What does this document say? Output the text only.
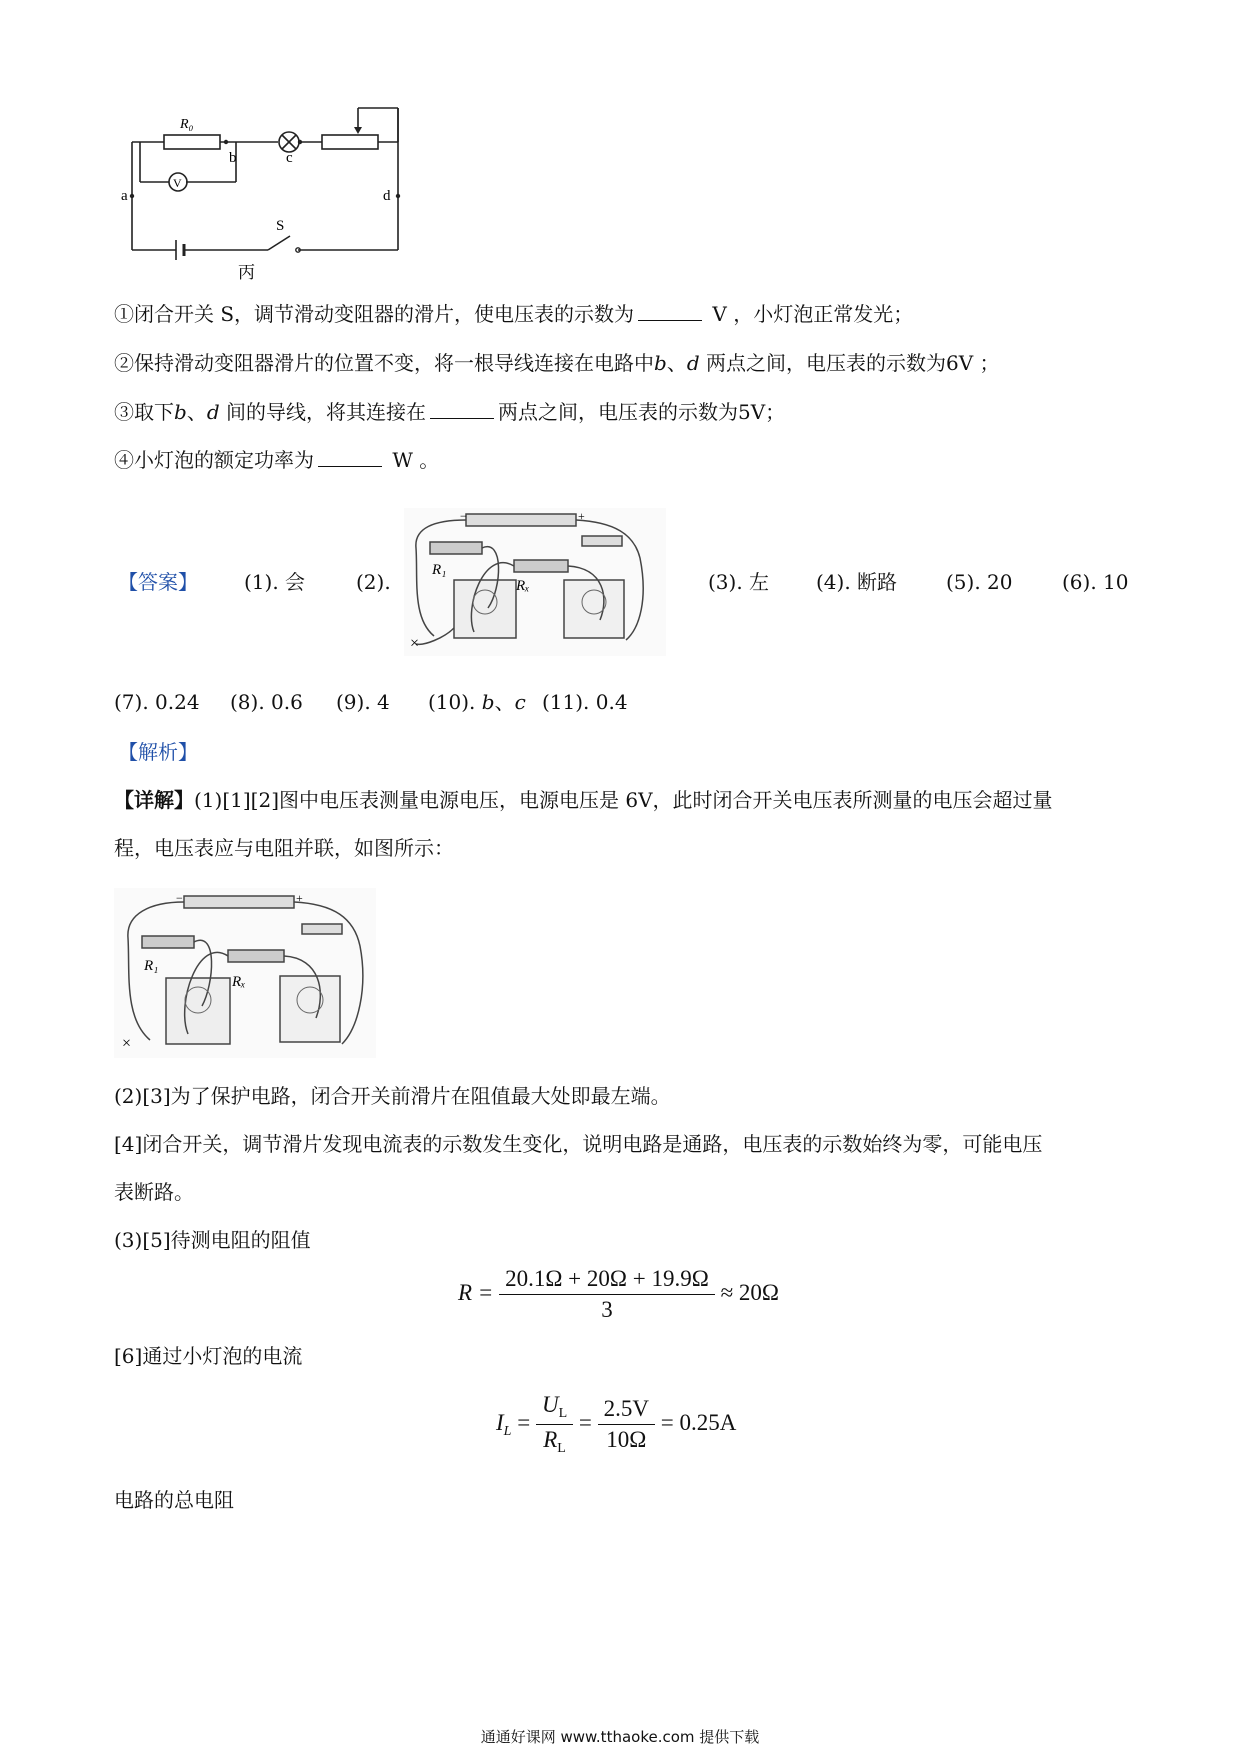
R₀
a
b	c
d
V
S
丙
①闭合开关 S，调节滑动变阻器的滑片，使电压表的示数为	V ，小灯泡正常发光；
②保持滑动变阻器滑片的位置不变，将一根导线连接在电路中b、d 两点之间，电压表的示数为6V ；
③取下b、d 间的导线，将其连接在	两点之间，电压表的示数为5V；
④小灯泡的额定功率为	W 。
【答案】 (1). 会	(2).
−	+
R₁
Rₓ
×
(3). 左 (4). 断路 (5). 20 (6). 10
(7). 0.24 (8). 0.6 (9). 4 (10). b、c (11). 0.4
【解析】
【详解】(1)[1][2]图中电压表测量电源电压，电源电压是 6V，此时闭合开关电压表所测量的电压会超过量
程，电压表应与电阻并联，如图所示：
−	+
R₁
Rₓ
×
(2)[3]为了保护电路，闭合开关前滑片在阻值最大处即最左端。
[4]闭合开关，调节滑片发现电流表的示数发生变化，说明电路是通路，电压表的示数始终为零，可能电压
表断路。
(3)[5]待测电阻的阻值
$R = \frac{20.1\Omega + 20\Omega + 19.9\Omega}{3} \approx 20\Omega$
[6]通过小灯泡的电流
$I_L = \frac{U_L}{R_L} = \frac{2.5V}{10\Omega} = 0.25A$
电路的总电阻
通通好课网 www.tthaoke.com 提供下载
